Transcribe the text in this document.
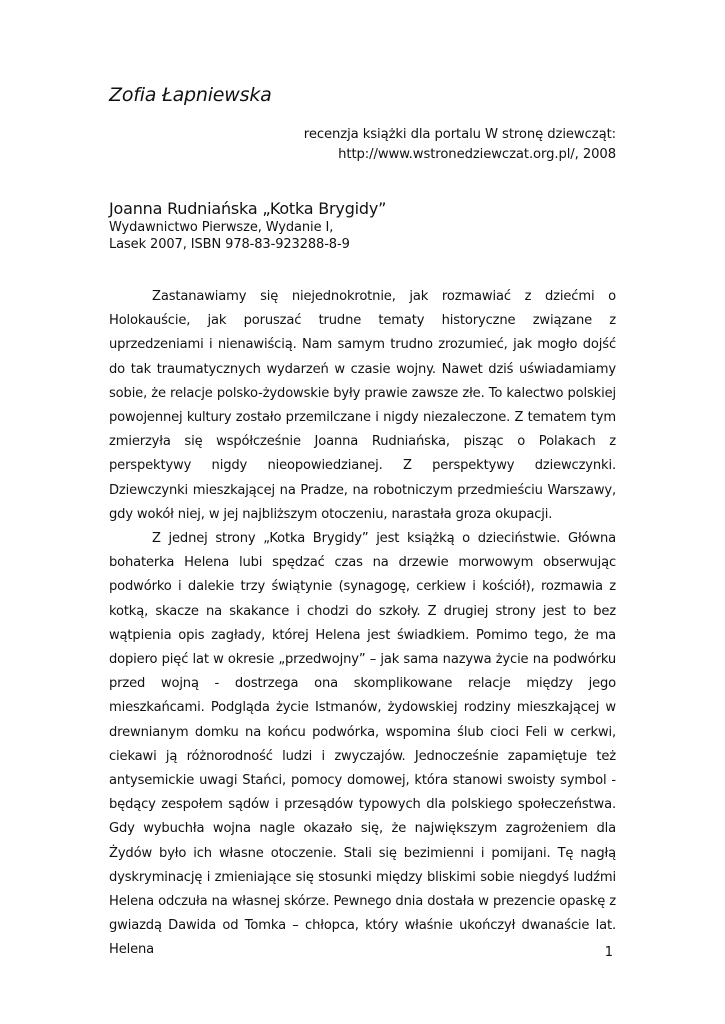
Zofia Łapniewska
recenzja książki dla portalu W stronę dziewcząt:
http://www.wstronedziewczat.org.pl/, 2008
Joanna Rudniańska „Kotka Brygidy”
Wydawnictwo Pierwsze, Wydanie I,
Lasek 2007, ISBN 978-83-923288-8-9

Zastanawiamy się niejednokrotnie, jak rozmawiać z dziećmi o Holokauście, jak poruszać trudne tematy historyczne związane z uprzedzeniami i nienawiścią. Nam samym trudno zrozumieć, jak mogło dojść do tak traumatycznych wydarzeń w czasie wojny. Nawet dziś uświadamiamy sobie, że relacje polsko-żydowskie były prawie zawsze złe. To kalectwo polskiej powojennej kultury zostało przemilczane i nigdy niezaleczone. Z tematem tym zmierzyła się współcześnie Joanna Rudniańska, pisząc o Polakach z perspektywy nigdy nieopowiedzianej. Z perspektywy dziewczynki. Dziewczynki mieszkającej na Pradze, na robotniczym przedmieściu Warszawy, gdy wokół niej, w jej najbliższym otoczeniu, narastała groza okupacji.

Z jednej strony „Kotka Brygidy” jest książką o dzieciństwie. Główna bohaterka Helena lubi spędzać czas na drzewie morwowym obserwując podwórko i dalekie trzy świątynie (synagogę, cerkiew i kościół), rozmawia z kotką, skacze na skakance i chodzi do szkoły. Z drugiej strony jest to bez wątpienia opis zagłady, której Helena jest świadkiem. Pomimo tego, że ma dopiero pięć lat w okresie „przedwojny” – jak sama nazywa życie na podwórku przed wojną - dostrzega ona skomplikowane relacje między jego mieszkańcami. Podgląda życie Istmanów, żydowskiej rodziny mieszkającej w drewnianym domku na końcu podwórka, wspomina ślub cioci Feli w cerkwi, ciekawi ją różnorodność ludzi i zwyczajów. Jednocześnie zapamiętuje też antysemickie uwagi Stańci, pomocy domowej, która stanowi swoisty symbol - będący zespołem sądów i przesądów typowych dla polskiego społeczeństwa. Gdy wybuchła wojna nagle okazało się, że największym zagrożeniem dla Żydów było ich własne otoczenie. Stali się bezimienni i pomijani. Tę nagłą dyskryminację i zmieniające się stosunki między bliskimi sobie niegdyś ludźmi Helena odczuła na własnej skórze. Pewnego dnia dostała w prezencie opaskę z gwiazdą Dawida od Tomka – chłopca, który właśnie ukończył dwanaście lat. Helena	1
